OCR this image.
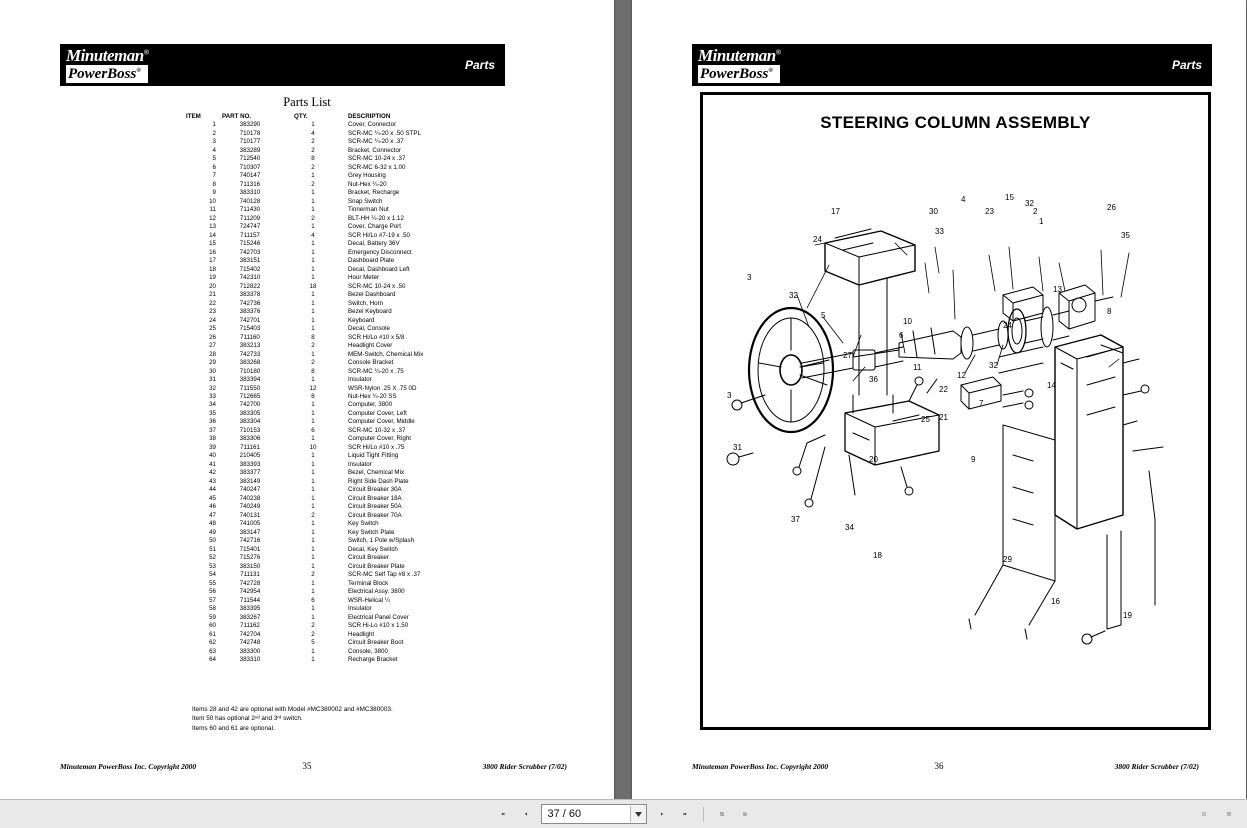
Minuteman®
PowerBoss®	Parts
Parts List
ITEM	PART NO.	QTY.	DESCRIPTION
1	383290	1	Cover, Connector
2	710178	4	SCR-MC ¼-20 x .50 STPL
3	710177	2	SCR-MC ¼-20 x .37
4	383289	2	Bracket, Connector
5	712540	8	SCR-MC 10-24 x .37
6	710307	2	SCR-MC 6-32 x 1.00
7	740147	1	Grey Housing
8	711316	2	Nut-Hex ¼-20
9	383310	1	Bracket, Recharge
10	740128	1	Snap Switch
11	711430	1	Tinnerman Nut
12	711209	2	BLT-HH ¼-20 x 1.12
13	724747	1	Cover, Charge Port
14	711157	4	SCR Hi/Lo #7-19 x .50
15	715246	1	Decal, Battery 36V
16	742703	1	Emergency Disconnect
17	383151	1	Dashboard Plate
18	715402	1	Decal, Dashboard Left
19	742310	1	Hour Meter
20	712822	18	SCR-MC 10-24 x .50
21	383378	1	Bezel Dashboard
22	742736	1	Switch, Horn
23	383376	1	Bezel Keyboard
24	742701	1	Keyboard
25	715403	1	Decal, Console
26	711160	8	SCR Hi/Lo #10 x 5/8
27	383213	2	Headlight Cover
28	742733	1	MEM-Switch, Chemical Mix
29	383268	2	Console Bracket
30	710180	8	SCR-MC ¼-20 x .75
31	383394	1	Insulator
32	711550	12	WSR-Nylon .25 X .75 0D
33	712665	8	Nut-Hex ¼-20 SS
34	742700	1	Computer, 3800
35	383305	1	Computer Cover, Left
36	383304	1	Computer Cover, Middle
37	710153	6	SCR-MC 10-32 x .37
38	383306	1	Computer Cover, Right
39	711161	10	SCR Hi/Lo #10 x .75
40	210405	1	Liquid Tight Fitting
41	383393	1	Insulator
42	383377	1	Bezel, Chemical Mix
43	383149	1	Right Side Dash Plate
44	740247	1	Circuit Breaker 30A
45	740238	1	Circuit Breaker 18A
46	740249	1	Circuit Breaker 50A
47	740131	2	Circuit Breaker 70A
48	741005	1	Key Switch
49	383147	1	Key Switch Plate
50	742716	1	Switch, 1 Pole w/Splash
51	715401	1	Decal, Key Switch
52	715276	1	Circuit Breaker
53	383150	1	Circuit Breaker Plate
54	711131	2	SCR-MC Self Tap #8 x .37
55	742728	1	Terminal Block
56	742954	1	Electrical Assy. 3800
57	711544	6	WSR-Helical ¼
58	383395	1	Insulator
59	383267	1	Electrical Panel Cover
60	711162	2	SCR Hi-Lo #10 x 1.50
61	742704	2	Headlight
62	742748	5	Circuit Breaker Boot
63	383300	1	Console, 3800
64	383310	1	Recharge Bracket
Items 28 and 42 are optional with Model #MC380002 and #MC380003.
Item 50 has optional 2ⁿᵈ and 3ʳᵈ switch.
Items 60 and 61 are optional.
Minuteman PowerBoss Inc. Copyright 2000	35	3800 Rider Scrubber (7/02)
Minuteman®
PowerBoss®	Parts
STEERING COLUMN ASSEMBLY
17
24
4
30
33
23
15
32
2
1
26
35
3
32
5
10
27
6
12
32
13
8
22
11
7
24
36
25 21
20
14
9
37
34
18
19
29
16
31
3
Minuteman PowerBoss Inc. Copyright 2000	36	3800 Rider Scrubber (7/02)
37 / 60
